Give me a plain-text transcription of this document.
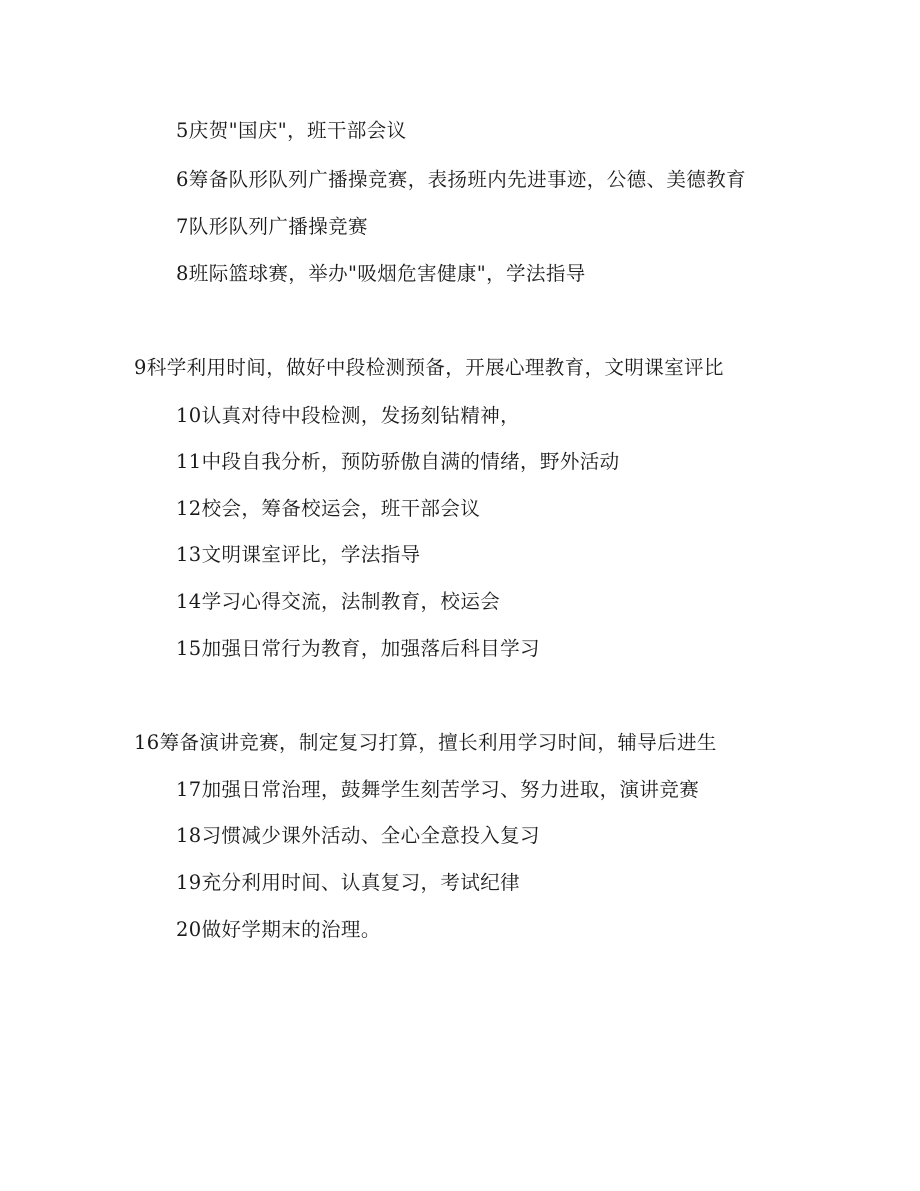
5庆贺"国庆"，班干部会议
6筹备队形队列广播操竞赛，表扬班内先进事迹，公德、美德教育
7队形队列广播操竞赛
8班际篮球赛，举办"吸烟危害健康"，学法指导
9科学利用时间，做好中段检测预备，开展心理教育，文明课室评比
10认真对待中段检测，发扬刻钻精神，
11中段自我分析，预防骄傲自满的情绪，野外活动
12校会，筹备校运会，班干部会议
13文明课室评比，学法指导
14学习心得交流，法制教育，校运会
15加强日常行为教育，加强落后科目学习
16筹备演讲竞赛，制定复习打算，擅长利用学习时间，辅导后进生
17加强日常治理，鼓舞学生刻苦学习、努力进取，演讲竞赛
18习惯减少课外活动、全心全意投入复习
19充分利用时间、认真复习，考试纪律
20做好学期末的治理。
